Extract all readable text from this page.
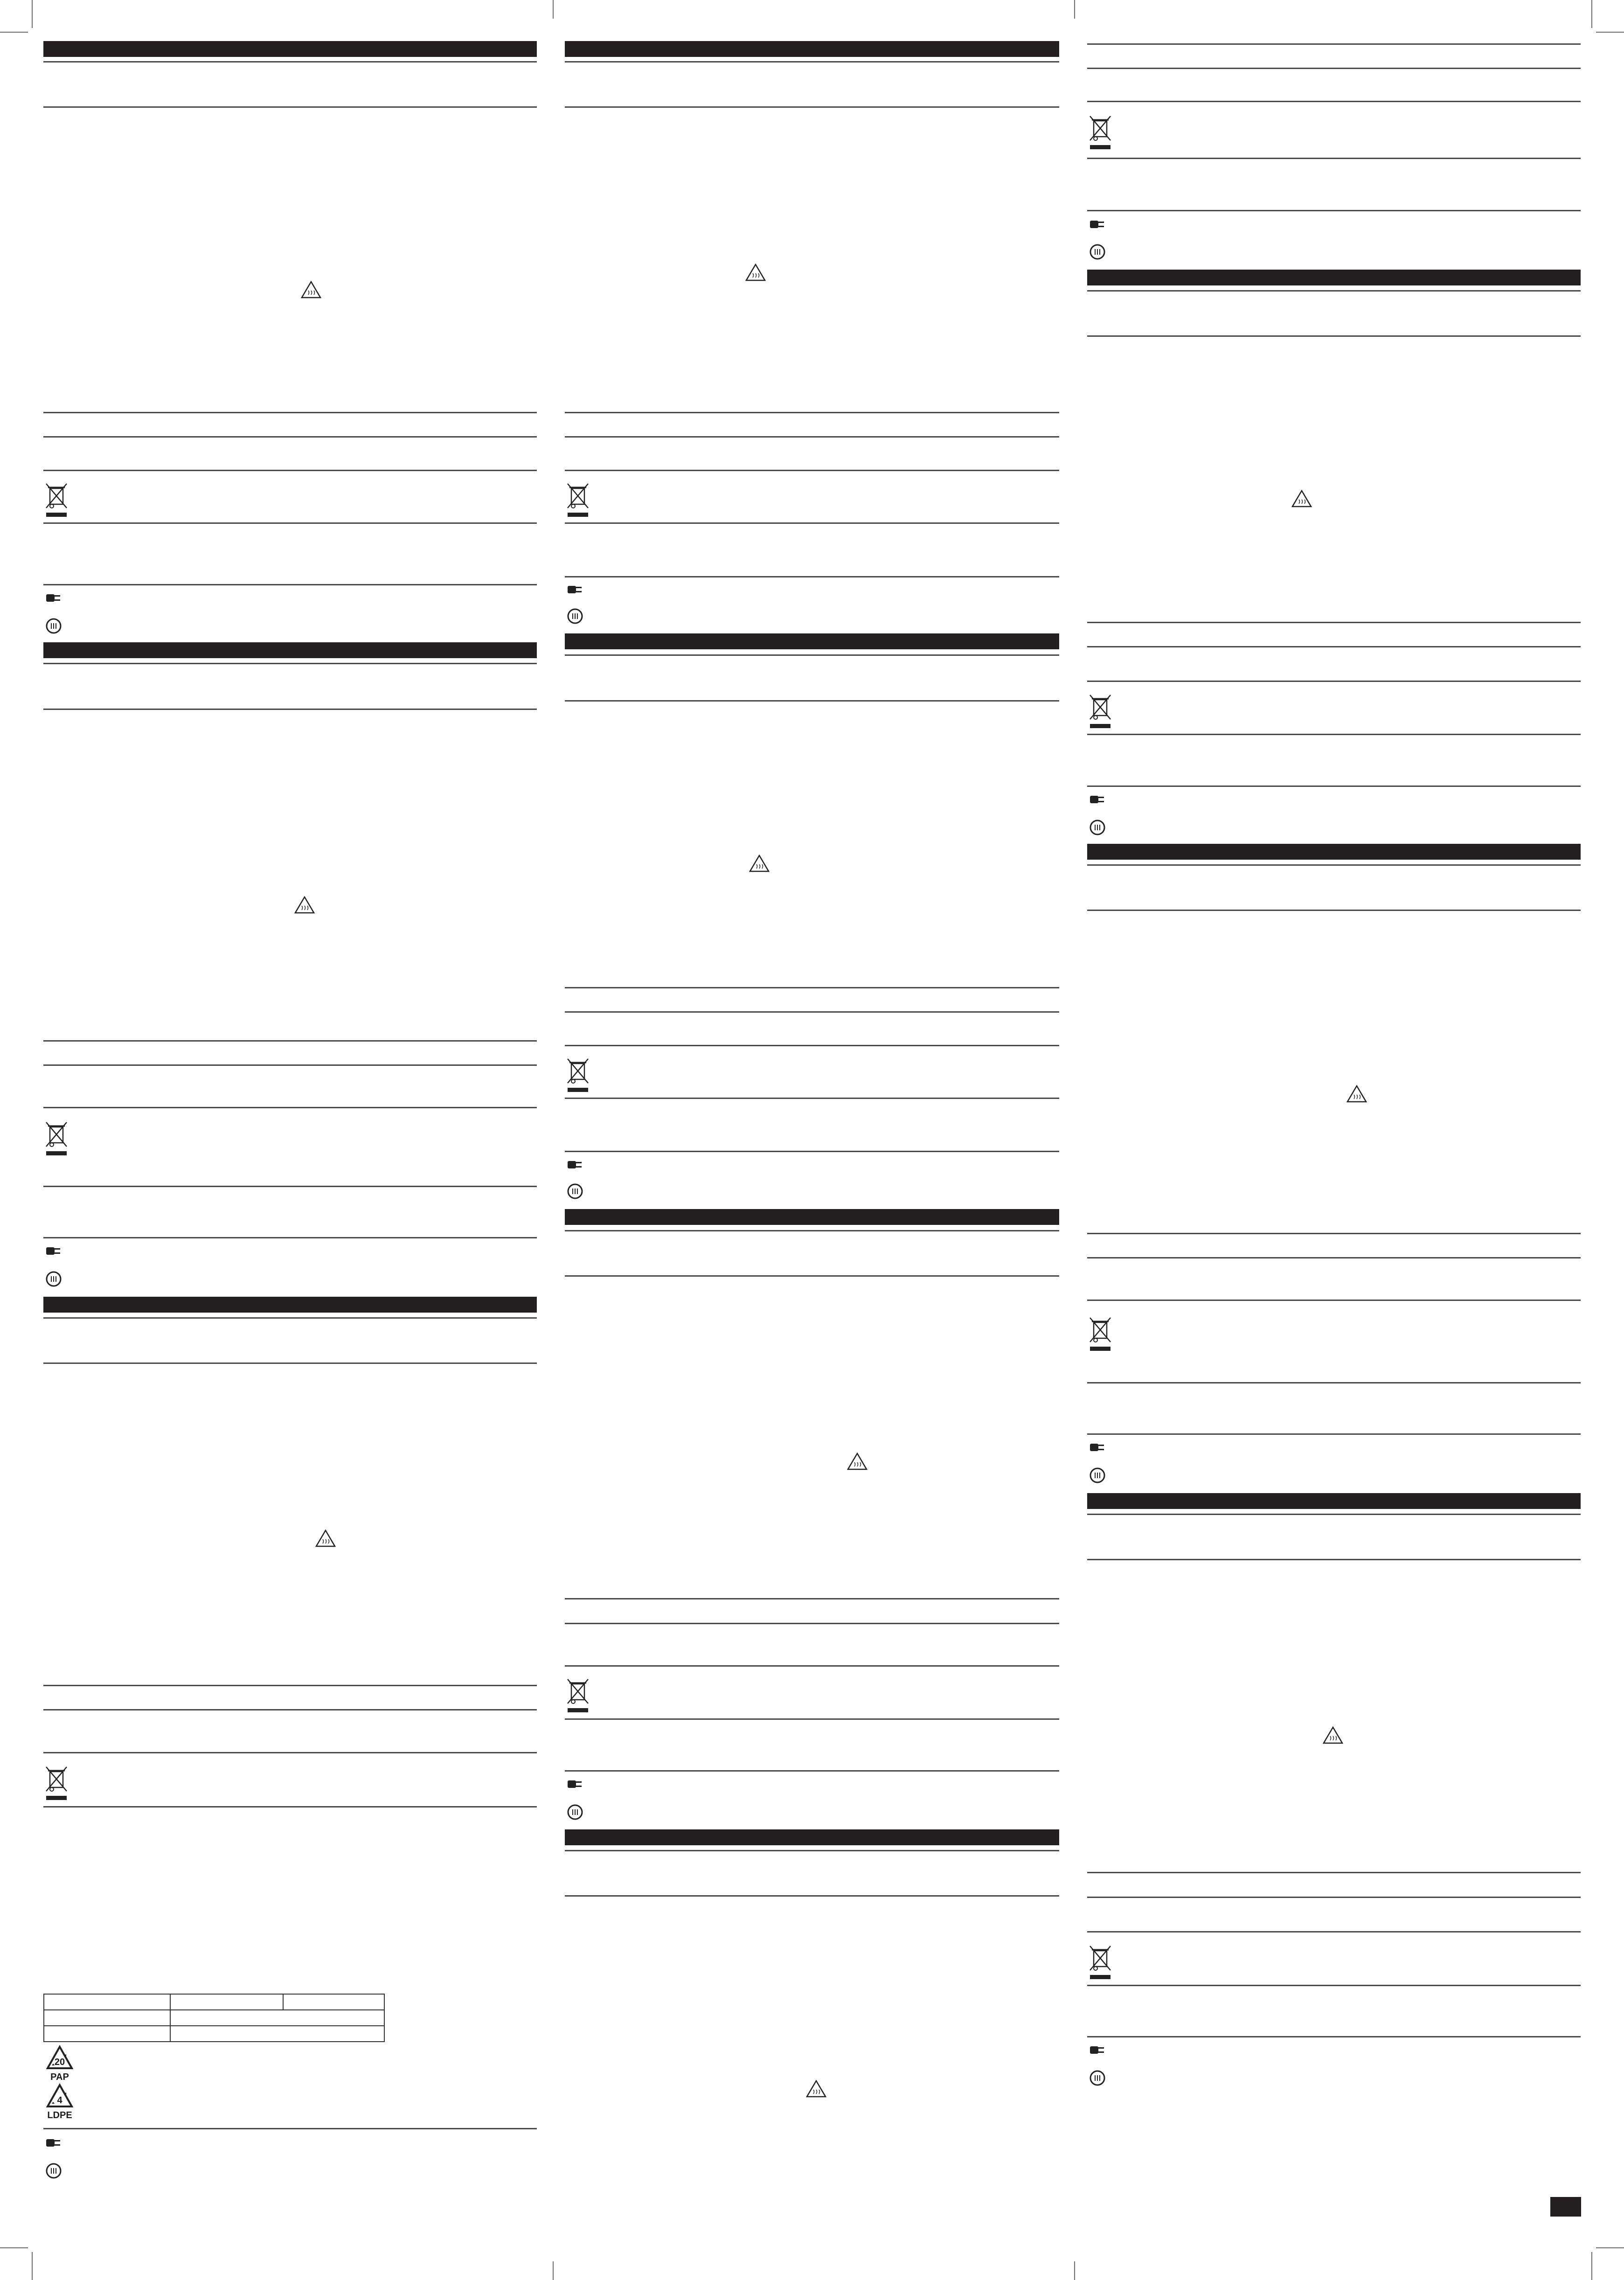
20
PAP
4
LDPE
